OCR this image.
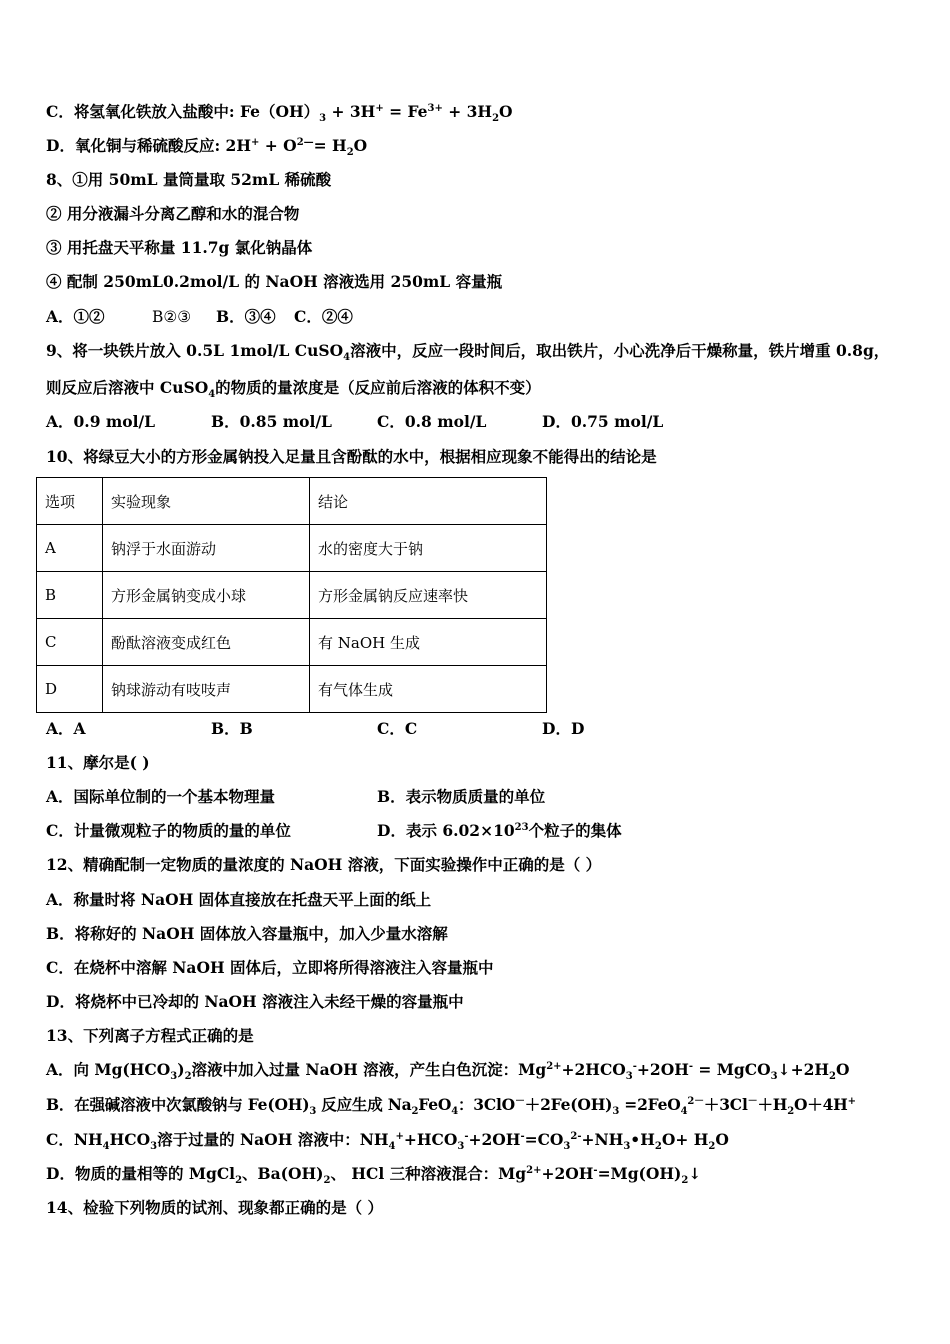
C．将氢氧化铁放入盐酸中: $Fe(OH)_3 + 3H^+ = Fe^{3+} + 3H_2O$
D．氧化铜与稀硫酸反应: $2H^+ + O^{2—}= H_2O$
8、①用 50mL 量筒量取 52mL 稀硫酸
② 用分液漏斗分离乙醇和水的混合物
③ 用托盘天平称量 11.7g 氯化钠晶体
④ 配制 250mL0.2mol/L 的 NaOH 溶液选用 250mL 容量瓶
A．①②	B②③ B．③④ C．②④
9、将一块铁片放入 0.5L 1mol/L CuSO$_4$溶液中，反应一段时间后，取出铁片，小心洗净后干燥称量，铁片增重 0.8g，
则反应后溶液中 CuSO$_4$的物质的量浓度是（反应前后溶液的体积不变）
A．0.9 mol/L	B．0.85 mol/L	C．0.8 mol/L	D．0.75 mol/L
10、将绿豆大小的方形金属钠投入足量且含酚酞的水中，根据相应现象不能得出的结论是
选项	实验现象	结论
A	钠浮于水面游动	水的密度大于钠
B	方形金属钠变成小球	方形金属钠反应速率快
C	酚酞溶液变成红色	有 NaOH 生成
D	钠球游动有吱吱声	有气体生成
A．A	B．B	C．C	D．D
11、摩尔是( )
A．国际单位制的一个基本物理量	B．表示物质质量的单位
C．计量微观粒子的物质的量的单位	D．表示 $6.02\times 10^{23}$个粒子的集体
12、精确配制一定物质的量浓度的 NaOH 溶液，下面实验操作中正确的是（ ）
A．称量时将 NaOH 固体直接放在托盘天平上面的纸上
B．将称好的 NaOH 固体放入容量瓶中，加入少量水溶解
C．在烧杯中溶解 NaOH 固体后，立即将所得溶液注入容量瓶中
D．将烧杯中已冷却的 NaOH 溶液注入未经干燥的容量瓶中
13、下列离子方程式正确的是
A．向 $Mg(HCO_3)_2$溶液中加入过量 NaOH 溶液，产生白色沉淀：$Mg^{2+}+2HCO_3^-+2OH^-$ = $MgCO_3↓+2H_2O$
B．在强碱溶液中次氯酸钠与 $Fe(OH)_3$ 反应生成 $Na_2FeO_4$：$3ClO^-+2Fe(OH)_3 =2FeO_4^{2-}+3Cl^-+H_2O+4H^+$
C．$NH_4HCO_3$溶于过量的 NaOH 溶液中：$NH_4^++HCO_3^-+2OH^-=CO_3^{2-}+NH_3•H_2O+ H_2O$
D．物质的量相等的 MgCl$_2$、$Ba(OH)_2$、 HCl 三种溶液混合：$Mg^{2+}+2OH^-=Mg(OH)_2↓$
14、检验下列物质的试剂、现象都正确的是（ ）
